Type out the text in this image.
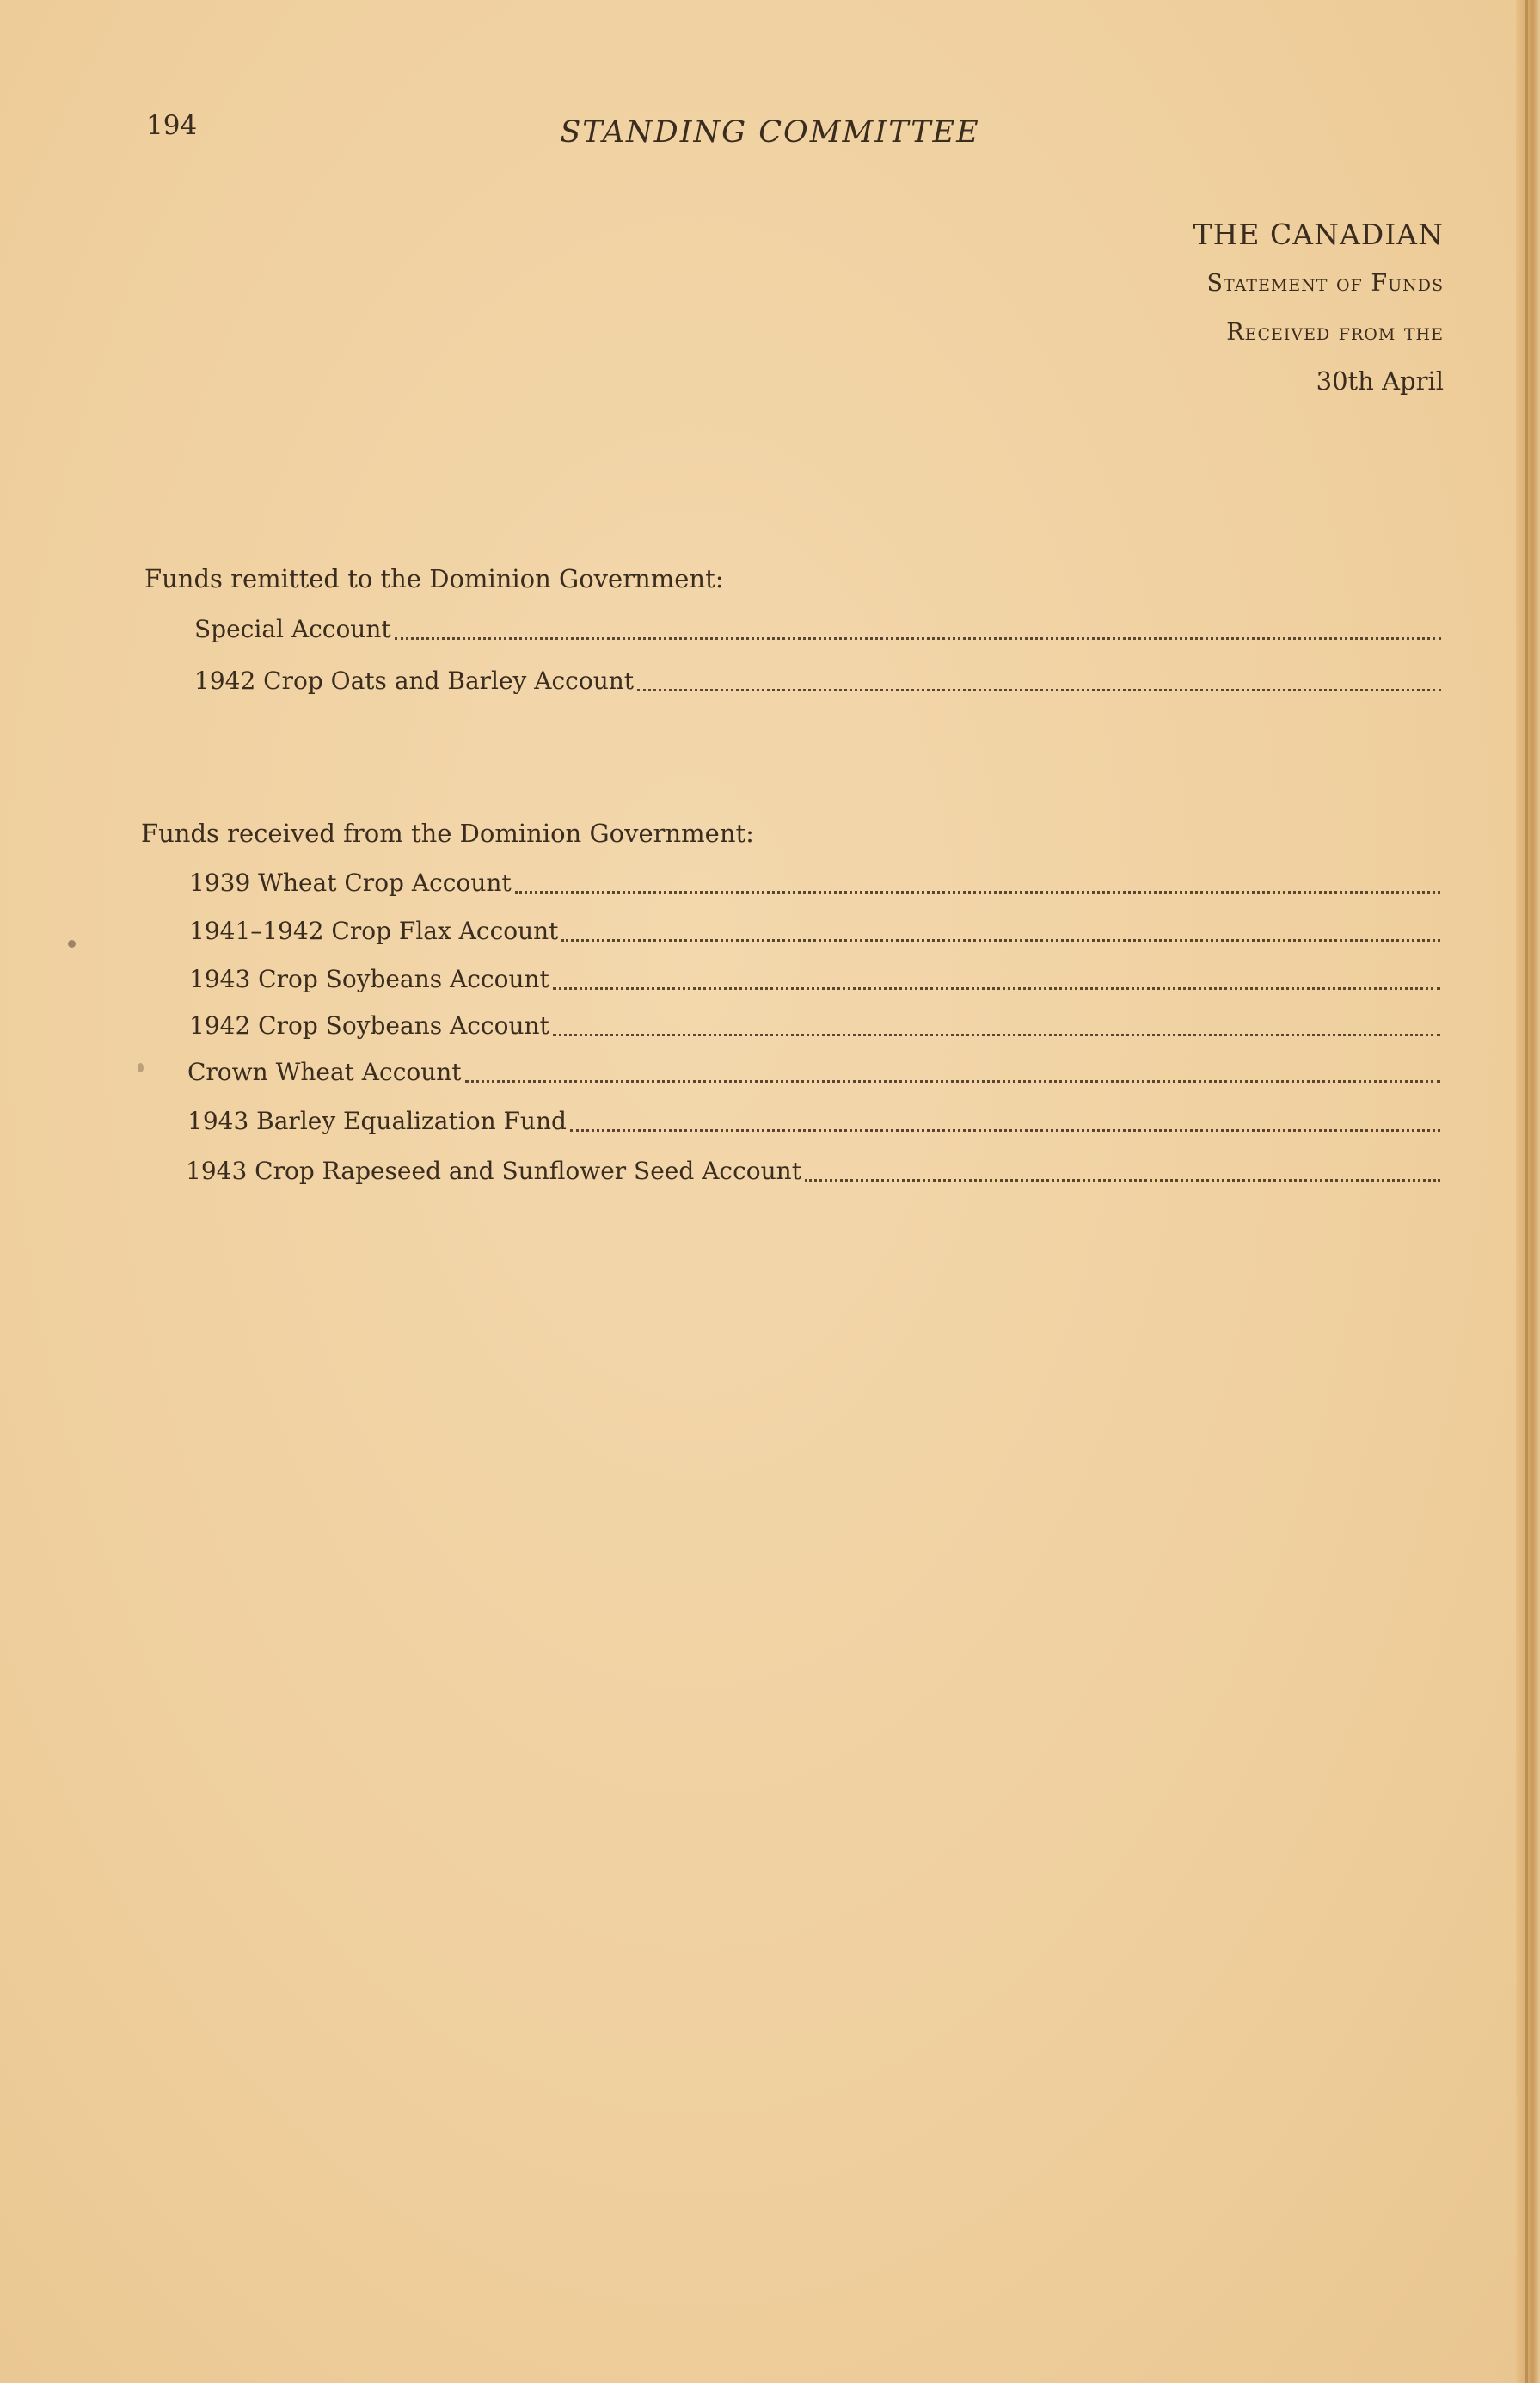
194	STANDING COMMITTEE
THE CANADIAN
Statement of Funds
Received from the
30th April
Funds remitted to the Dominion Government:
Special Account
1942 Crop Oats and Barley Account
Funds received from the Dominion Government:
1939 Wheat Crop Account
1941–1942 Crop Flax Account
1943 Crop Soybeans Account
1942 Crop Soybeans Account
Crown Wheat Account
1943 Barley Equalization Fund
1943 Crop Rapeseed and Sunflower Seed Account
